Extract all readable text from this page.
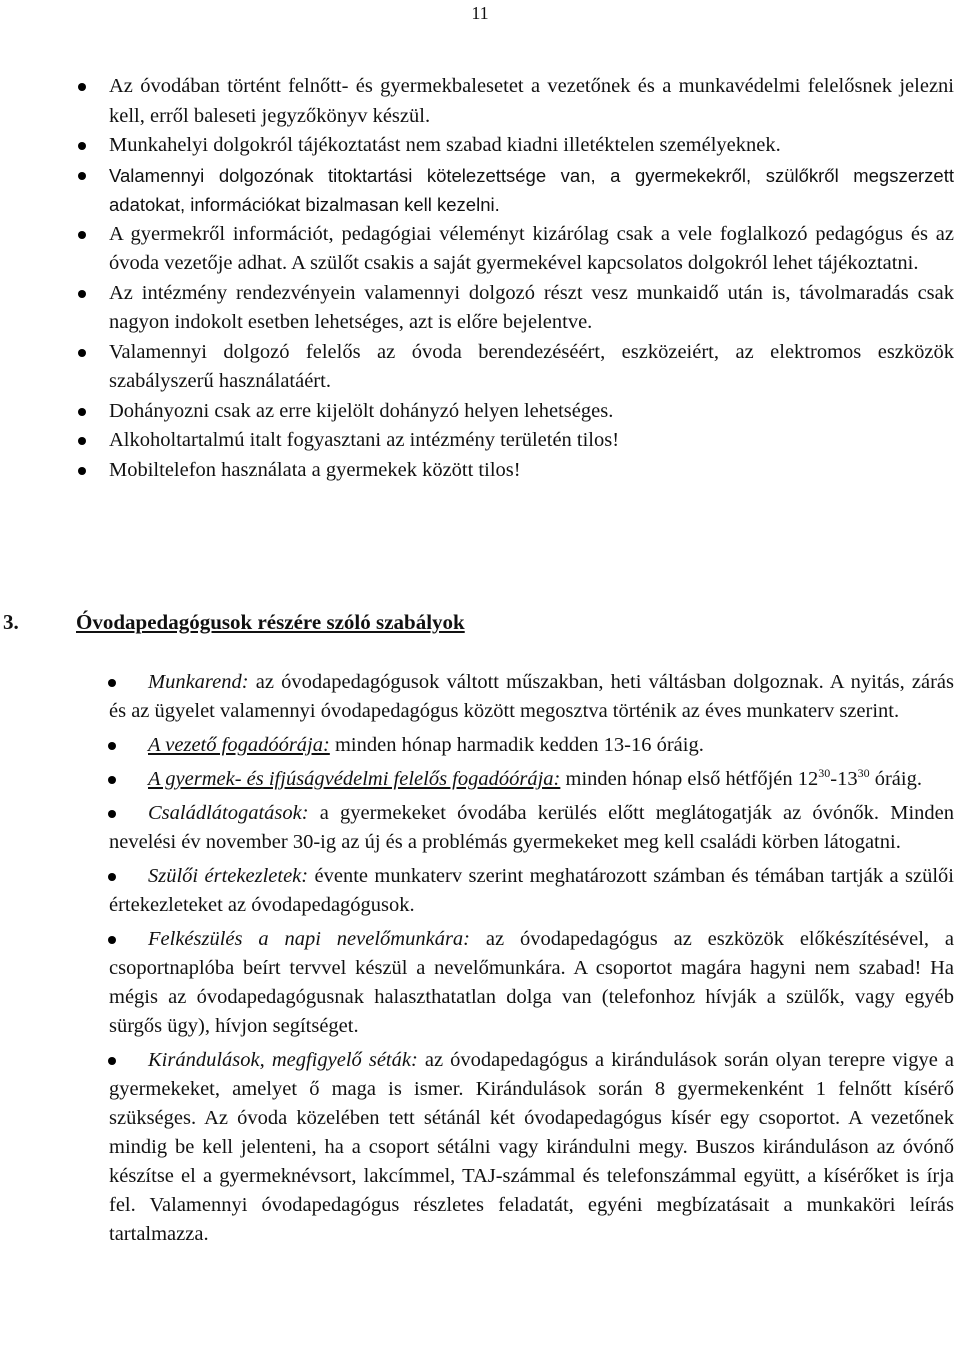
11
Az óvodában történt felnőtt- és gyermekbalesetet a vezetőnek és a munkavédelmi felelősnek jelezni kell, erről baleseti jegyzőkönyv készül.
Munkahelyi dolgokról tájékoztatást nem szabad kiadni illetéktelen személyeknek.
Valamennyi dolgozónak titoktartási kötelezettsége van, a gyermekekről, szülőkről megszerzett adatokat, információkat bizalmasan kell kezelni.
A gyermekről információt, pedagógiai véleményt kizárólag csak a vele foglalkozó pedagógus és az óvoda vezetője adhat. A szülőt csakis a saját gyermekével kapcsolatos dolgokról lehet tájékoztatni.
Az intézmény rendezvényein valamennyi dolgozó részt vesz munkaidő után is, távolmaradás csak nagyon indokolt esetben lehetséges, azt is előre bejelentve.
Valamennyi dolgozó felelős az óvoda berendezéséért, eszközeiért, az elektromos eszközök szabályszerű használatáért.
Dohányozni csak az erre kijelölt dohányzó helyen lehetséges.
Alkoholtartalmú italt fogyasztani az intézmény területén tilos!
Mobiltelefon használata a gyermekek között tilos!
3.	Óvodapedagógusok részére szóló szabályok
Munkarend: az óvodapedagógusok váltott műszakban, heti váltásban dolgoznak. A nyitás, zárás és az ügyelet valamennyi óvodapedagógus között megosztva történik az éves munkaterv szerint.
A vezető fogadóórája: minden hónap harmadik kedden 13-16 óráig.
A gyermek- és ifjúságvédelmi felelős fogadóórája: minden hónap első hétfőjén $12^{30}-13^{30}$ óráig.
Családlátogatások: a gyermekeket óvodába kerülés előtt meglátogatják az óvónők. Minden nevelési év november 30-ig az új és a problémás gyermekeket meg kell családi körben látogatni.
Szülői értekezletek: évente munkaterv szerint meghatározott számban és témában tartják a szülői értekezleteket az óvodapedagógusok.
Felkészülés a napi nevelőmunkára: az óvodapedagógus az eszközök előkészítésével, a csoportnaplóba beírt tervvel készül a nevelőmunkára. A csoportot magára hagyni nem szabad! Ha mégis az óvodapedagógusnak halaszthatatlan dolga van (telefonhoz hívják a szülők, vagy egyéb sürgős ügy), hívjon segítséget.
Kirándulások, megfigyelő séták: az óvodapedagógus a kirándulások során olyan terepre vigye a gyermekeket, amelyet ő maga is ismer. Kirándulások során 8 gyermekenként 1 felnőtt kísérő szükséges. Az óvoda közelében tett sétánál két óvodapedagógus kísér egy csoportot. A vezetőnek mindig be kell jelenteni, ha a csoport sétálni vagy kirándulni megy. Buszos kiránduláson az óvónő készítse el a gyermeknévsort, lakcímmel, TAJ-számmal és telefonszámmal együtt, a kísérőket is írja fel. Valamennyi óvodapedagógus részletes feladatát, egyéni megbízatásait a munkaköri leírás tartalmazza.
